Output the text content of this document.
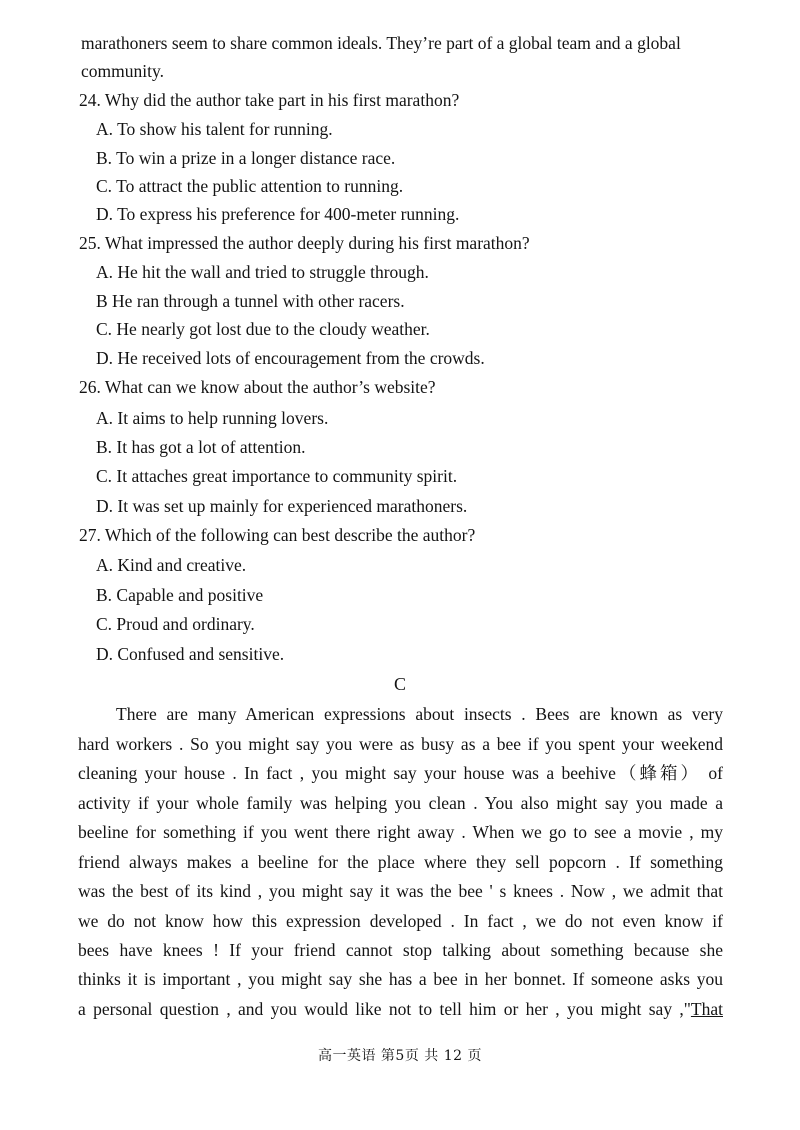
marathoners seem to share common ideals. They’re part of a global team and a global
community.
24. Why did the author take part in his first marathon?
A. To show his talent for running.
B. To win a prize in a longer distance race.
C. To attract the public attention to running.
D. To express his preference for 400-meter running.
25. What impressed the author deeply during his first marathon?
A. He hit the wall and tried to struggle through.
B He ran through a tunnel with other racers.
C. He nearly got lost due to the cloudy weather.
D. He received lots of encouragement from the crowds.
26. What can we know about the author’s website?
A. It aims to help running lovers.
B. It has got a lot of attention.
C. It attaches great importance to community spirit.
D. It was set up mainly for experienced marathoners.
27. Which of the following can best describe the author?
A. Kind and creative.
B. Capable and positive
C. Proud and ordinary.
D. Confused and sensitive.
C
There are many American expressions about insects . Bees are known as very
hard workers . So you might say you were as busy as a bee if you spent your weekend
cleaning your house . In fact , you might say your house was a beehive（蜂箱） of
activity if your whole family was helping you clean . You also might say you made a
beeline for something if you went there right away . When we go to see a movie , my
friend always makes a beeline for the place where they sell popcorn . If something
was the best of its kind , you might say it was the bee ' s knees . Now , we admit that
we do not know how this expression developed . In fact , we do not even know if
bees have knees ! If your friend cannot stop talking about something because she
thinks it is important , you might say she has a bee in her bonnet. If someone asks you
a personal question , and you would like not to tell him or her , you might say ,"That
高一英语 第5页 共 12 页
